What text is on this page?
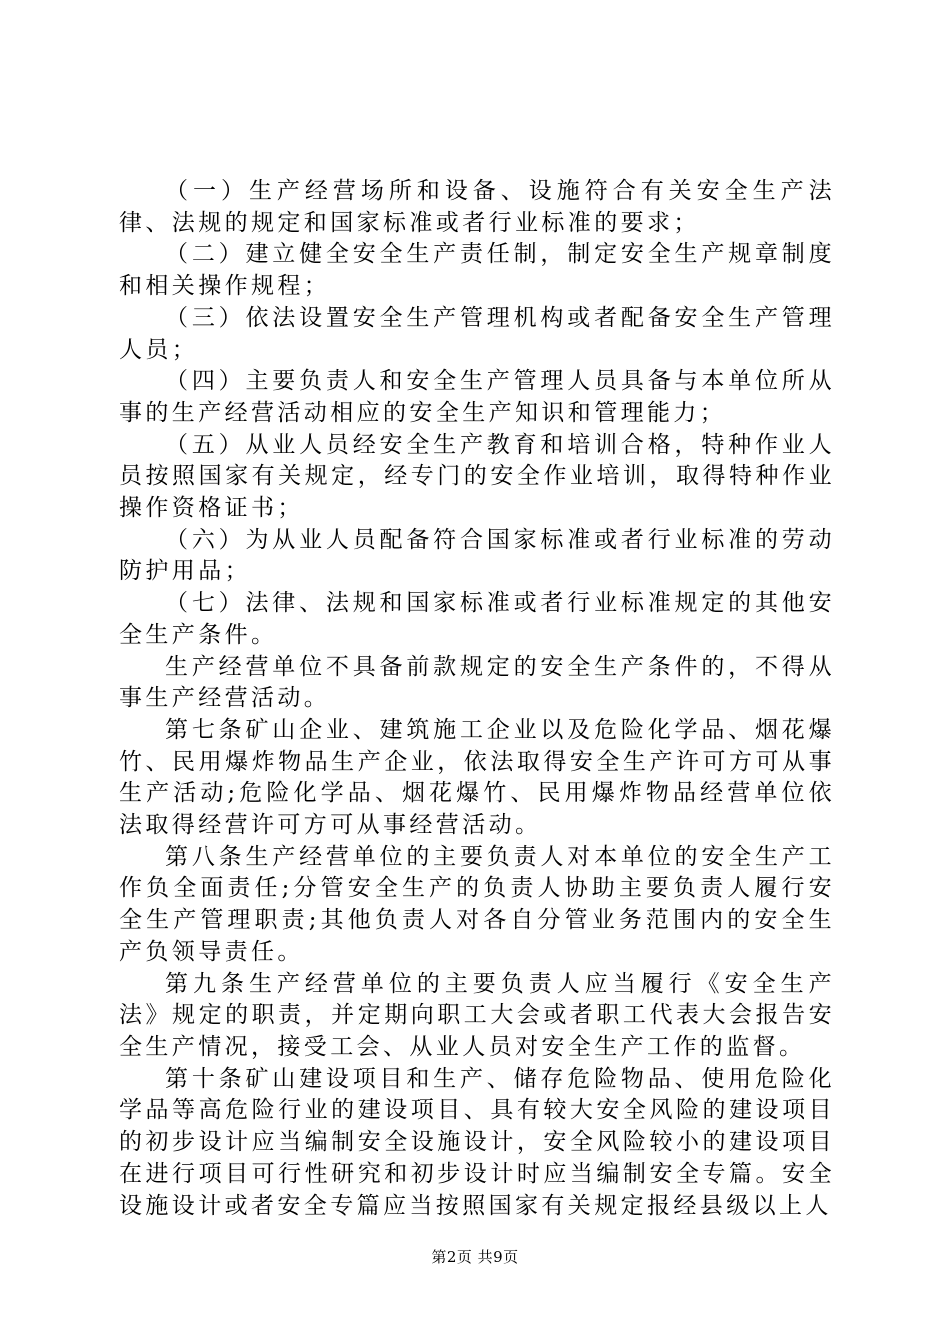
（一）生产经营场所和设备、设施符合有关安全生产法律、法规的规定和国家标准或者行业标准的要求；

（二）建立健全安全生产责任制，制定安全生产规章制度和相关操作规程；

（三）依法设置安全生产管理机构或者配备安全生产管理人员；

（四）主要负责人和安全生产管理人员具备与本单位所从事的生产经营活动相应的安全生产知识和管理能力；

（五）从业人员经安全生产教育和培训合格，特种作业人员按照国家有关规定，经专门的安全作业培训，取得特种作业操作资格证书；

（六）为从业人员配备符合国家标准或者行业标准的劳动防护用品；

（七）法律、法规和国家标准或者行业标准规定的其他安全生产条件。

生产经营单位不具备前款规定的安全生产条件的，不得从事生产经营活动。

第七条矿山企业、建筑施工企业以及危险化学品、烟花爆竹、民用爆炸物品生产企业，依法取得安全生产许可方可从事生产活动;危险化学品、烟花爆竹、民用爆炸物品经营单位依法取得经营许可方可从事经营活动。

第八条生产经营单位的主要负责人对本单位的安全生产工作负全面责任;分管安全生产的负责人协助主要负责人履行安全生产管理职责;其他负责人对各自分管业务范围内的安全生产负领导责任。

第九条生产经营单位的主要负责人应当履行《安全生产法》规定的职责，并定期向职工大会或者职工代表大会报告安全生产情况，接受工会、从业人员对安全生产工作的监督。

第十条矿山建设项目和生产、储存危险物品、使用危险化学品等高危险行业的建设项目、具有较大安全风险的建设项目的初步设计应当编制安全设施设计，安全风险较小的建设项目在进行项目可行性研究和初步设计时应当编制安全专篇。安全设施设计或者安全专篇应当按照国家有关规定报经县级以上人

第2页 共9页
